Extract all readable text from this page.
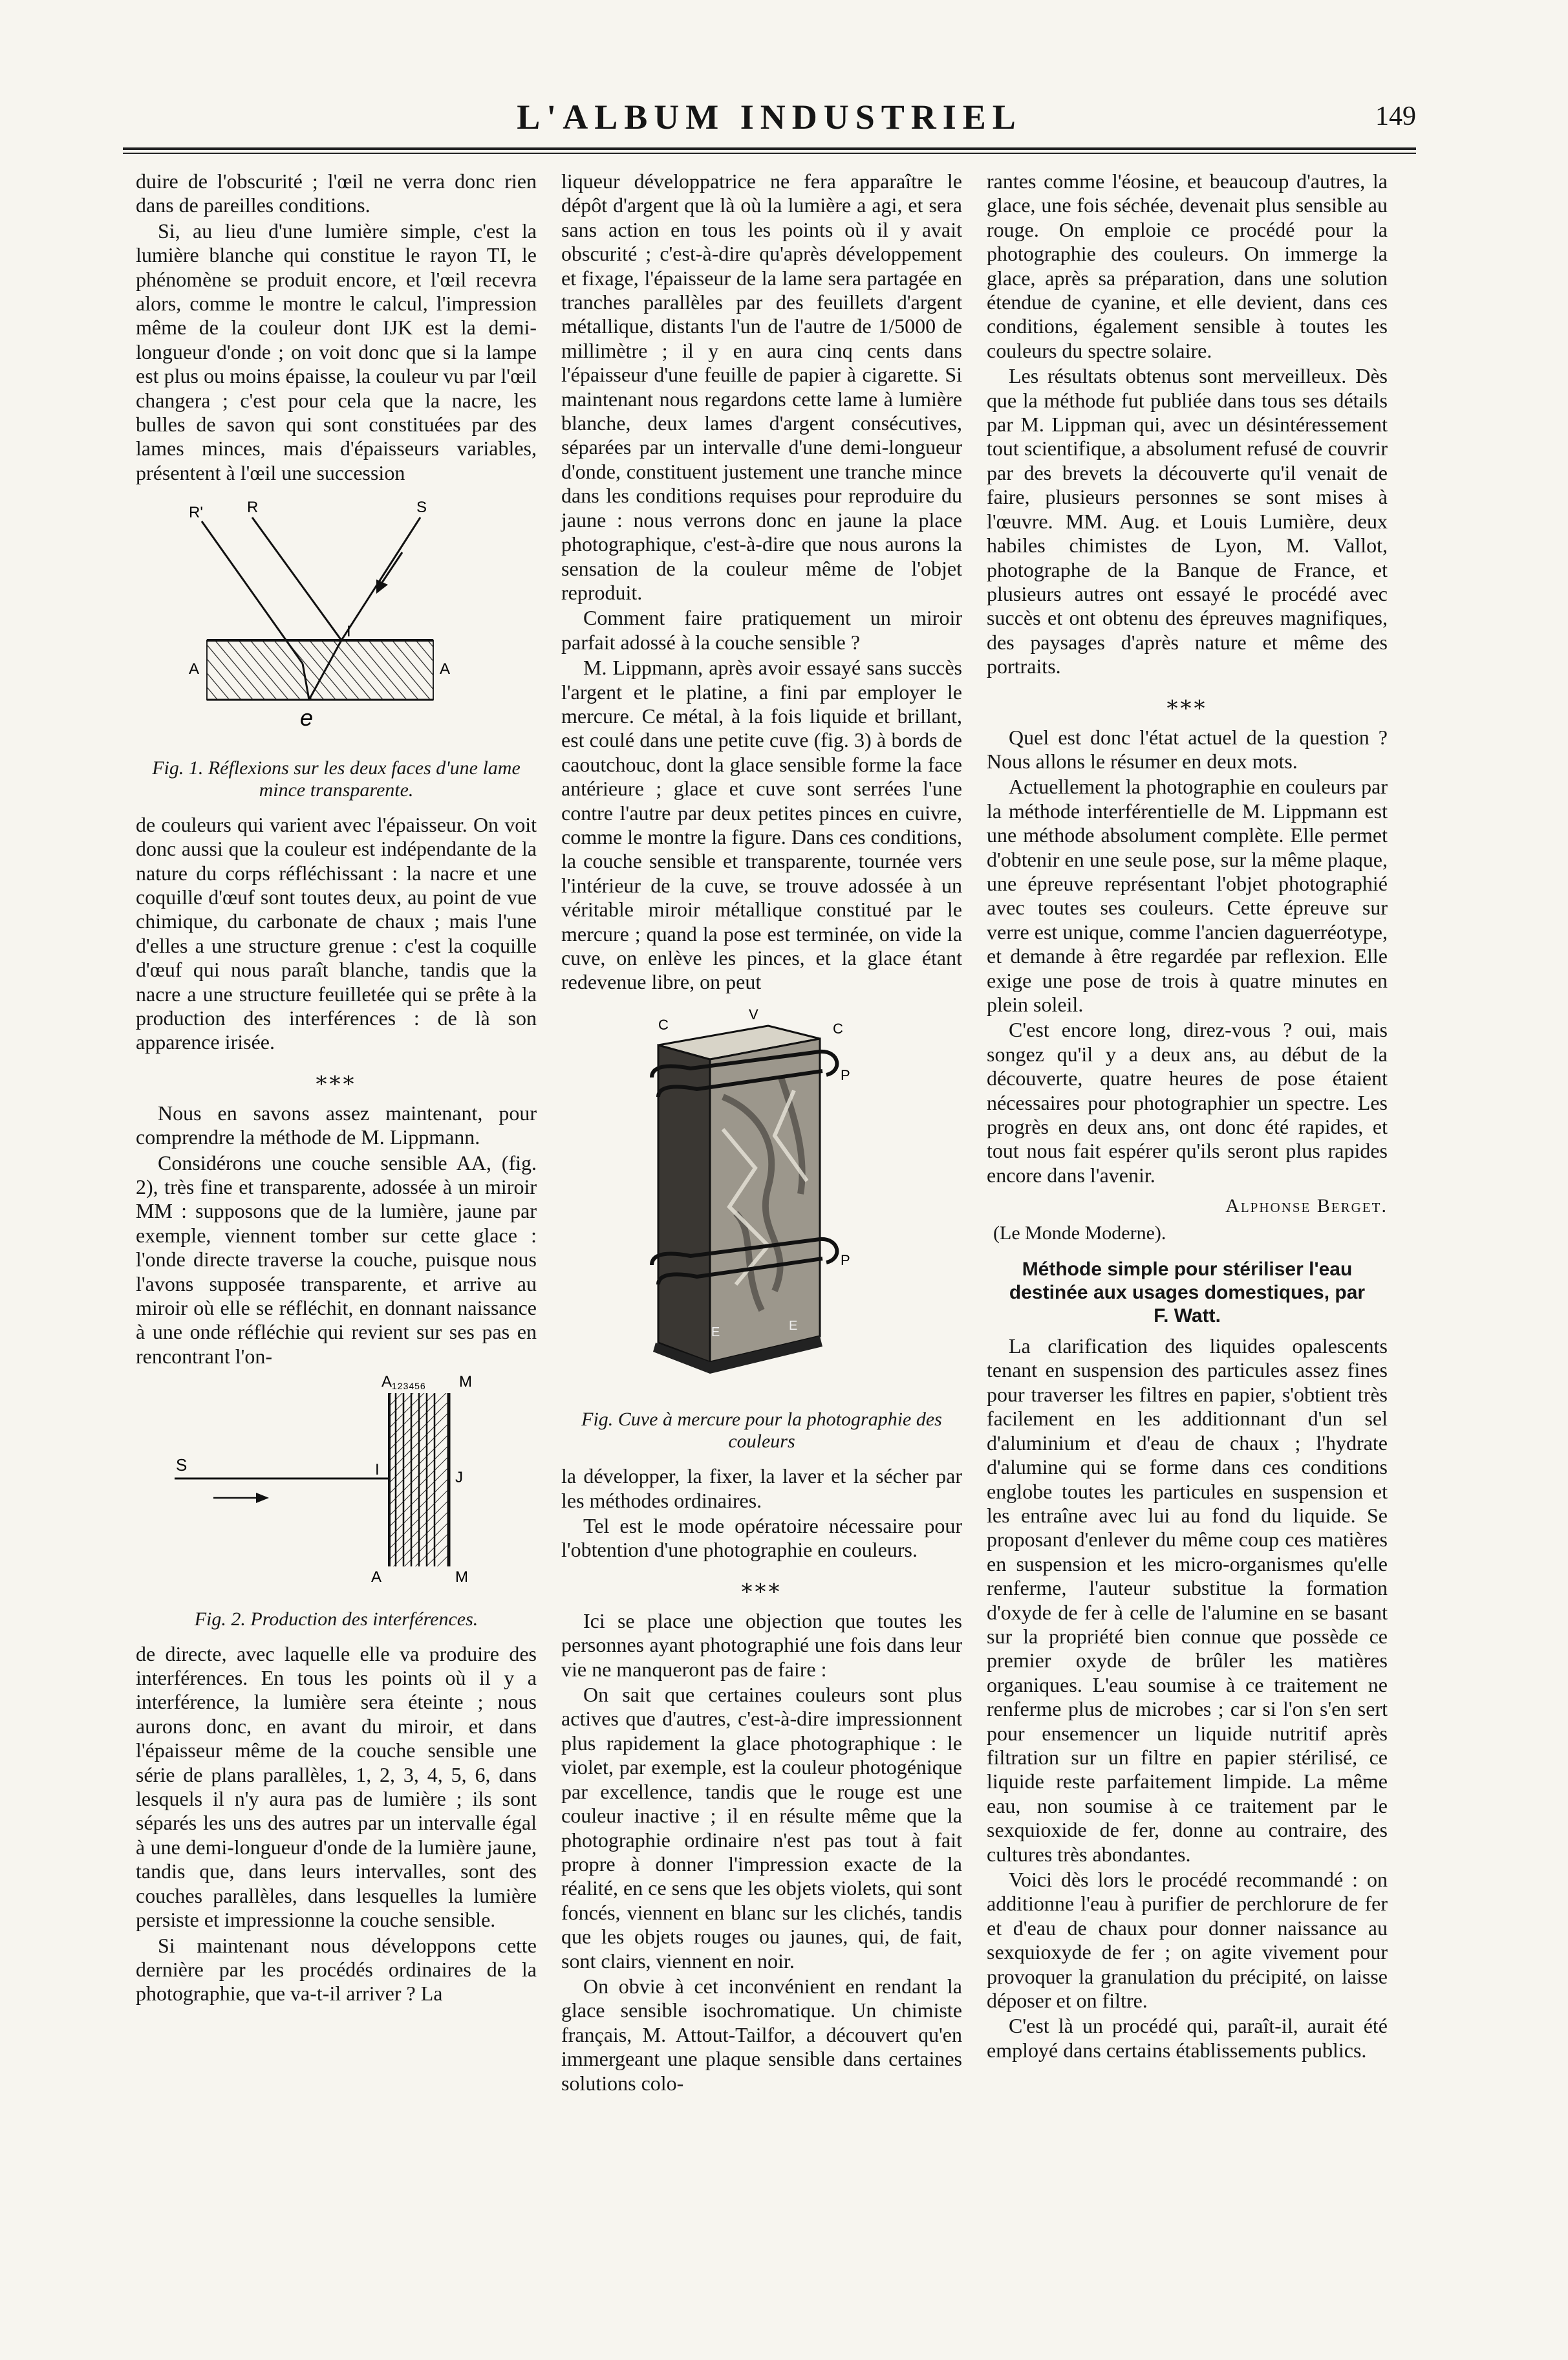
L'ALBUM INDUSTRIEL	149

duire de l'obscurité ; l'œil ne verra donc rien dans de pareilles conditions.

Si, au lieu d'une lumière simple, c'est la lumière blanche qui constitue le rayon TI, le phénomène se produit encore, et l'œil recevra alors, comme le montre le calcul, l'impression même de la couleur dont IJK est la demi-longueur d'onde ; on voit donc que si la lampe est plus ou moins épaisse, la couleur vu par l'œil changera ; c'est pour cela que la nacre, les bulles de savon qui sont constituées par des lames minces, mais d'épaisseurs variables, présentent à l'œil une succession

R'	R	S
I
A	A
e
Fig. 1. Réflexions sur les deux faces d'une lame mince transparente.

de couleurs qui varient avec l'épaisseur. On voit donc aussi que la couleur est indépendante de la nature du corps réfléchissant : la nacre et une coquille d'œuf sont toutes deux, au point de vue chimique, du carbonate de chaux ; mais l'une d'elles a une structure grenue : c'est la coquille d'œuf qui nous paraît blanche, tandis que la nacre a une structure feuilletée qui se prête à la production des interférences : de là son apparence irisée.

⁎⁎⁎

Nous en savons assez maintenant, pour comprendre la méthode de M. Lippmann.

Considérons une couche sensible AA, (fig. 2), très fine et transparente, adossée à un miroir MM : supposons que de la lumière, jaune par exemple, viennent tomber sur cette glace : l'onde directe traverse la couche, puisque nous l'avons supposée transparente, et arrive au miroir où elle se réfléchit, en donnant naissance à une onde réfléchie qui revient sur ses pas en rencontrant l'on-

123456
A	M
S	I	J
A	M
Fig. 2. Production des interférences.

de directe, avec laquelle elle va produire des interférences. En tous les points où il y a interférence, la lumière sera éteinte ; nous aurons donc, en avant du miroir, et dans l'épaisseur même de la couche sensible une série de plans parallèles, 1, 2, 3, 4, 5, 6, dans lesquels il n'y aura pas de lumière ; ils sont séparés les uns des autres par un intervalle égal à une demi-longueur d'onde de la lumière jaune, tandis que, dans leurs intervalles, sont des couches parallèles, dans lesquelles la lumière persiste et impressionne la couche sensible.

Si maintenant nous développons cette dernière par les procédés ordinaires de la photographie, que va-t-il arriver ? La

liqueur développatrice ne fera apparaître le dépôt d'argent que là où la lumière a agi, et sera sans action en tous les points où il y avait obscurité ; c'est-à-dire qu'après développement et fixage, l'épaisseur de la lame sera partagée en tranches parallèles par des feuillets d'argent métallique, distants l'un de l'autre de 1/5000 de millimètre ; il y en aura cinq cents dans l'épaisseur d'une feuille de papier à cigarette. Si maintenant nous regardons cette lame à lumière blanche, deux lames d'argent consécutives, séparées par un intervalle d'une demi-longueur d'onde, constituent justement une tranche mince dans les conditions requises pour reproduire du jaune : nous verrons donc en jaune la place photographique, c'est-à-dire que nous aurons la sensation de la couleur même de l'objet reproduit.

Comment faire pratiquement un miroir parfait adossé à la couche sensible ?

M. Lippmann, après avoir essayé sans succès l'argent et le platine, a fini par employer le mercure. Ce métal, à la fois liquide et brillant, est coulé dans une petite cuve (fig. 3) à bords de caoutchouc, dont la glace sensible forme la face antérieure ; glace et cuve sont serrées l'une contre l'autre par deux petites pinces en cuivre, comme le montre la figure. Dans ces conditions, la couche sensible et transparente, tournée vers l'intérieur de la cuve, se trouve adossée à un véritable miroir métallique constitué par le mercure ; quand la pose est terminée, on vide la cuve, on enlève les pinces, et la glace étant redevenue libre, on peut

C
V
C
P
P
E	E
Fig. Cuve à mercure pour la photographie des couleurs

la développer, la fixer, la laver et la sécher par les méthodes ordinaires.

Tel est le mode opératoire nécessaire pour l'obtention d'une photographie en couleurs.

⁎⁎⁎

Ici se place une objection que toutes les personnes ayant photographié une fois dans leur vie ne manqueront pas de faire :

On sait que certaines couleurs sont plus actives que d'autres, c'est-à-dire impressionnent plus rapidement la glace photographique : le violet, par exemple, est la couleur photogénique par excellence, tandis que le rouge est une couleur inactive ; il en résulte même que la photographie ordinaire n'est pas tout à fait propre à donner l'impression exacte de la réalité, en ce sens que les objets violets, qui sont foncés, viennent en blanc sur les clichés, tandis que les objets rouges ou jaunes, qui, de fait, sont clairs, viennent en noir.

On obvie à cet inconvénient en rendant la glace sensible isochromatique. Un chimiste français, M. Attout-Tailfor, a découvert qu'en immergeant une plaque sensible dans certaines solutions colo-

rantes comme l'éosine, et beaucoup d'autres, la glace, une fois séchée, devenait plus sensible au rouge. On emploie ce procédé pour la photographie des couleurs. On immerge la glace, après sa préparation, dans une solution étendue de cyanine, et elle devient, dans ces conditions, également sensible à toutes les couleurs du spectre solaire.

Les résultats obtenus sont merveilleux. Dès que la méthode fut publiée dans tous ses détails par M. Lippman qui, avec un désintéressement tout scientifique, a absolument refusé de couvrir par des brevets la découverte qu'il venait de faire, plusieurs personnes se sont mises à l'œuvre. MM. Aug. et Louis Lumière, deux habiles chimistes de Lyon, M. Vallot, photographe de la Banque de France, et plusieurs autres ont essayé le procédé avec succès et ont obtenu des épreuves magnifiques, des paysages d'après nature et même des portraits.

⁎⁎⁎

Quel est donc l'état actuel de la question ? Nous allons le résumer en deux mots.

Actuellement la photographie en couleurs par la méthode interférentielle de M. Lippmann est une méthode absolument complète. Elle permet d'obtenir en une seule pose, sur la même plaque, une épreuve représentant l'objet photographié avec toutes ses couleurs. Cette épreuve sur verre est unique, comme l'ancien daguerréotype, et demande à être regardée par reflexion. Elle exige une pose de trois à quatre minutes en plein soleil.

C'est encore long, direz-vous ? oui, mais songez qu'il y a deux ans, au début de la découverte, quatre heures de pose étaient nécessaires pour photographier un spectre. Les progrès en deux ans, ont donc été rapides, et tout nous fait espérer qu'ils seront plus rapides encore dans l'avenir.

Alphonse Berget.
(Le Monde Moderne).
Méthode simple pour stériliser l'eau destinée aux usages domestiques, par F. Watt.

La clarification des liquides opalescents tenant en suspension des particules assez fines pour traverser les filtres en papier, s'obtient très facilement en les additionnant d'un sel d'aluminium et d'eau de chaux ; l'hydrate d'alumine qui se forme dans ces conditions englobe toutes les particules en suspension et les entraîne avec lui au fond du liquide. Se proposant d'enlever du même coup ces matières en suspension et les micro-organismes qu'elle renferme, l'auteur substitue la formation d'oxyde de fer à celle de l'alumine en se basant sur la propriété bien connue que possède ce premier oxyde de brûler les matières organiques. L'eau soumise à ce traitement ne renferme plus de microbes ; car si l'on s'en sert pour ensemencer un liquide nutritif après filtration sur un filtre en papier stérilisé, ce liquide reste parfaitement limpide. La même eau, non soumise à ce traitement par le sexquioxide de fer, donne au contraire, des cultures très abondantes.

Voici dès lors le procédé recommandé : on additionne l'eau à purifier de perchlorure de fer et d'eau de chaux pour donner naissance au sexquioxyde de fer ; on agite vivement pour provoquer la granulation du précipité, on laisse déposer et on filtre.

C'est là un procédé qui, paraît-il, aurait été employé dans certains établissements publics.
